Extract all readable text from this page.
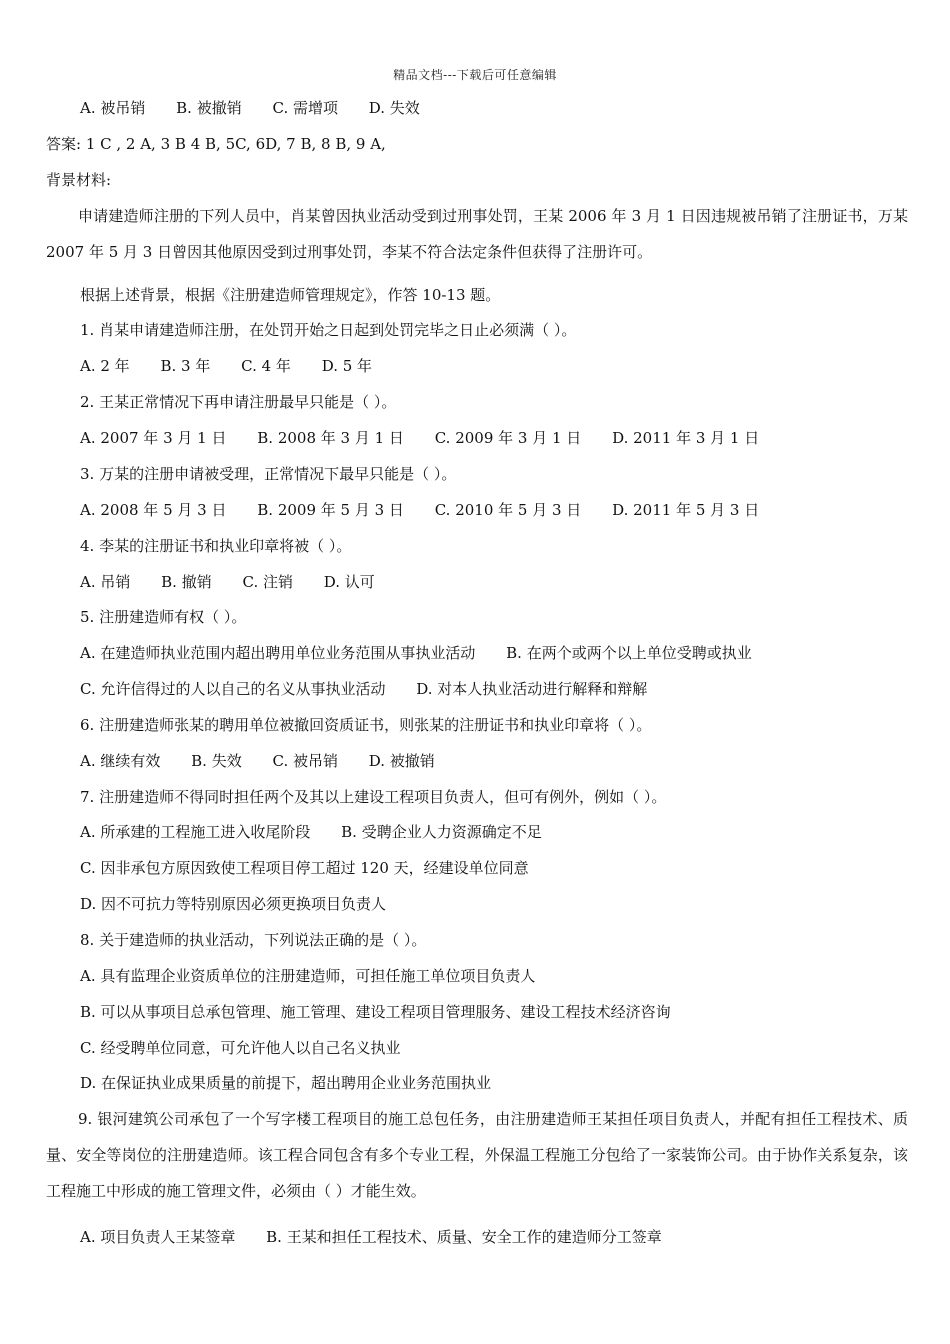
精品文档---下载后可任意编辑
A. 被吊销 B. 被撤销 C. 需增项 D. 失效
答案: 1 C , 2 A, 3 B 4 B, 5C, 6D, 7 B, 8 B, 9 A,
背景材料:
申请建造师注册的下列人员中，肖某曾因执业活动受到过刑事处罚，王某 2006 年 3 月 1 日因违规被吊销了注册证书，万某 2007 年 5 月 3 日曾因其他原因受到过刑事处罚，李某不符合法定条件但获得了注册许可。
根据上述背景，根据《注册建造师管理规定》，作答 10-13 题。
1. 肖某申请建造师注册，在处罚开始之日起到处罚完毕之日止必须满（ ）。
A. 2 年 B. 3 年 C. 4 年 D. 5 年
2. 王某正常情况下再申请注册最早只能是（ ）。
A. 2007 年 3 月 1 日 B. 2008 年 3 月 1 日 C. 2009 年 3 月 1 日 D. 2011 年 3 月 1 日
3. 万某的注册申请被受理，正常情况下最早只能是（ ）。
A. 2008 年 5 月 3 日 B. 2009 年 5 月 3 日 C. 2010 年 5 月 3 日 D. 2011 年 5 月 3 日
4. 李某的注册证书和执业印章将被（ ）。
A. 吊销 B. 撤销 C. 注销 D. 认可
5. 注册建造师有权（ ）。
A. 在建造师执业范围内超出聘用单位业务范围从事执业活动 B. 在两个或两个以上单位受聘或执业
C. 允许信得过的人以自己的名义从事执业活动 D. 对本人执业活动进行解释和辩解
6. 注册建造师张某的聘用单位被撤回资质证书，则张某的注册证书和执业印章将（ ）。
A. 继续有效 B. 失效 C. 被吊销 D. 被撤销
7. 注册建造师不得同时担任两个及其以上建设工程项目负责人，但可有例外，例如（ ）。
A. 所承建的工程施工进入收尾阶段 B. 受聘企业人力资源确定不足
C. 因非承包方原因致使工程项目停工超过 120 天，经建设单位同意
D. 因不可抗力等特别原因必须更换项目负责人
8. 关于建造师的执业活动，下列说法正确的是（ ）。
A. 具有监理企业资质单位的注册建造师，可担任施工单位项目负责人
B. 可以从事项目总承包管理、施工管理、建设工程项目管理服务、建设工程技术经济咨询
C. 经受聘单位同意，可允许他人以自己名义执业
D. 在保证执业成果质量的前提下，超出聘用企业业务范围执业
9. 银河建筑公司承包了一个写字楼工程项目的施工总包任务，由注册建造师王某担任项目负责人，并配有担任工程技术、质量、安全等岗位的注册建造师。该工程合同包含有多个专业工程，外保温工程施工分包给了一家装饰公司。由于协作关系复杂，该工程施工中形成的施工管理文件，必须由（ ）才能生效。
A. 项目负责人王某签章 B. 王某和担任工程技术、质量、安全工作的建造师分工签章
